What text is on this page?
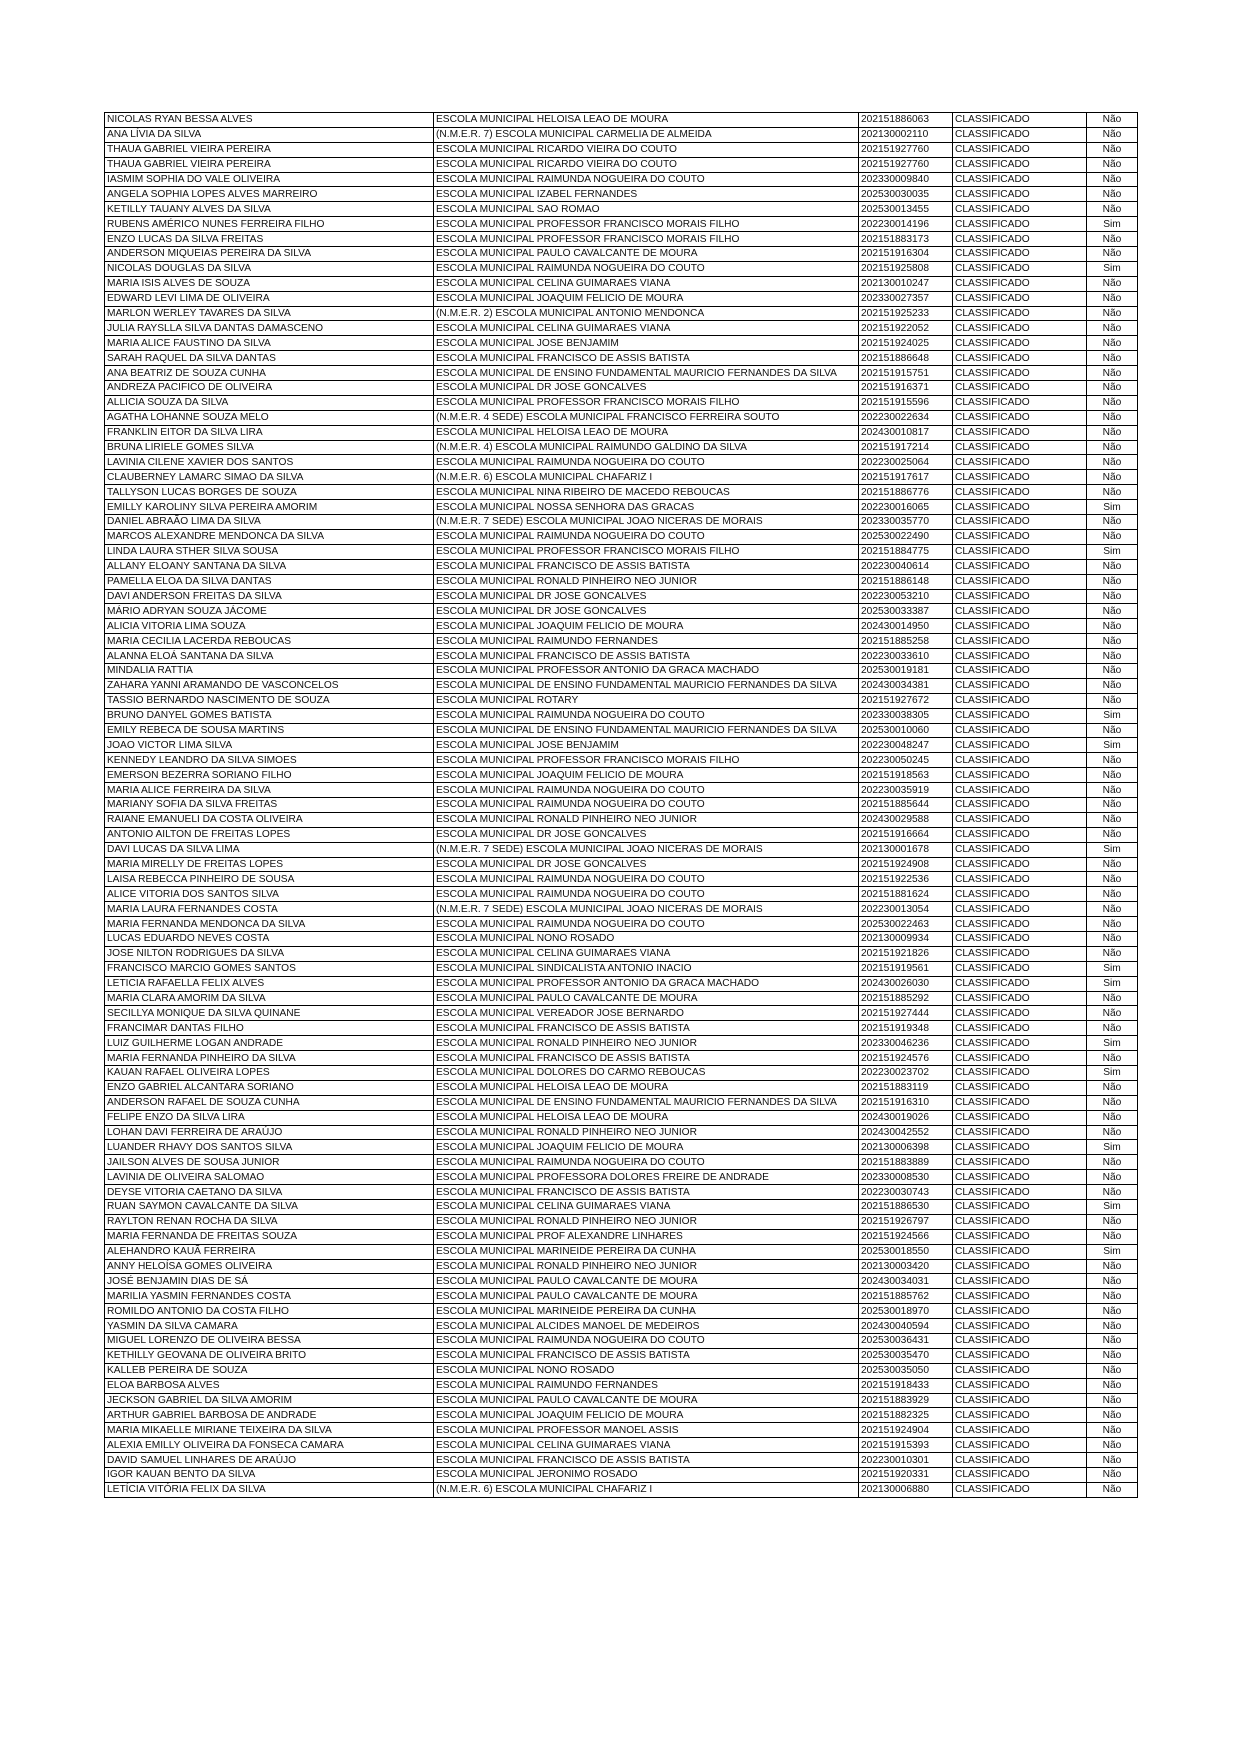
NICOLAS RYAN BESSA ALVES	ESCOLA MUNICIPAL HELOISA LEAO DE MOURA	202151886063	CLASSIFICADO	Não
ANA LÍVIA DA SILVA	(N.M.E.R. 7) ESCOLA MUNICIPAL CARMELIA DE ALMEIDA	202130002110	CLASSIFICADO	Não
THAUA GABRIEL VIEIRA PEREIRA	ESCOLA MUNICIPAL RICARDO VIEIRA DO COUTO	202151927760	CLASSIFICADO	Não
THAUA GABRIEL VIEIRA PEREIRA	ESCOLA MUNICIPAL RICARDO VIEIRA DO COUTO	202151927760	CLASSIFICADO	Não
IASMIM SOPHIA DO VALE OLIVEIRA	ESCOLA MUNICIPAL RAIMUNDA NOGUEIRA DO COUTO	202330009840	CLASSIFICADO	Não
ANGELA SOPHIA LOPES ALVES MARREIRO	ESCOLA MUNICIPAL IZABEL FERNANDES	202530030035	CLASSIFICADO	Não
KETILLY TAUANY ALVES DA SILVA	ESCOLA MUNICIPAL SAO ROMAO	202530013455	CLASSIFICADO	Não
RUBENS AMÉRICO NUNES FERREIRA FILHO	ESCOLA MUNICIPAL PROFESSOR FRANCISCO MORAIS FILHO	202230014196	CLASSIFICADO	Sim
ENZO LUCAS DA SILVA FREITAS	ESCOLA MUNICIPAL PROFESSOR FRANCISCO MORAIS FILHO	202151883173	CLASSIFICADO	Não
ANDERSON MIQUEIAS PEREIRA DA SILVA	ESCOLA MUNICIPAL PAULO CAVALCANTE DE MOURA	202151916304	CLASSIFICADO	Não
NICOLAS DOUGLAS DA SILVA	ESCOLA MUNICIPAL RAIMUNDA NOGUEIRA DO COUTO	202151925808	CLASSIFICADO	Sim
MARIA ISIS ALVES DE SOUZA	ESCOLA MUNICIPAL CELINA GUIMARAES VIANA	202130010247	CLASSIFICADO	Não
EDWARD LEVI LIMA DE OLIVEIRA	ESCOLA MUNICIPAL JOAQUIM FELICIO DE MOURA	202330027357	CLASSIFICADO	Não
MARLON WERLEY TAVARES DA SILVA	(N.M.E.R. 2) ESCOLA MUNICIPAL ANTONIO MENDONCA	202151925233	CLASSIFICADO	Não
JULIA RAYSLLA SILVA DANTAS DAMASCENO	ESCOLA MUNICIPAL CELINA GUIMARAES VIANA	202151922052	CLASSIFICADO	Não
MARIA ALICE FAUSTINO DA SILVA	ESCOLA MUNICIPAL JOSE BENJAMIM	202151924025	CLASSIFICADO	Não
SARAH RAQUEL DA SILVA DANTAS	ESCOLA MUNICIPAL FRANCISCO DE ASSIS BATISTA	202151886648	CLASSIFICADO	Não
ANA BEATRIZ DE SOUZA CUNHA	ESCOLA MUNICIPAL DE ENSINO FUNDAMENTAL MAURICIO FERNANDES DA SILVA	202151915751	CLASSIFICADO	Não
ANDREZA PACIFICO DE OLIVEIRA	ESCOLA MUNICIPAL DR JOSE GONCALVES	202151916371	CLASSIFICADO	Não
ALLICIA SOUZA DA SILVA	ESCOLA MUNICIPAL PROFESSOR FRANCISCO MORAIS FILHO	202151915596	CLASSIFICADO	Não
AGATHA LOHANNE SOUZA MELO	(N.M.E.R. 4 SEDE) ESCOLA MUNICIPAL FRANCISCO FERREIRA SOUTO	202230022634	CLASSIFICADO	Não
FRANKLIN EITOR DA SILVA LIRA	ESCOLA MUNICIPAL HELOISA LEAO DE MOURA	202430010817	CLASSIFICADO	Não
BRUNA LIRIELE GOMES SILVA	(N.M.E.R. 4) ESCOLA MUNICIPAL RAIMUNDO GALDINO DA SILVA	202151917214	CLASSIFICADO	Não
LAVINIA CILENE XAVIER DOS SANTOS	ESCOLA MUNICIPAL RAIMUNDA NOGUEIRA DO COUTO	202230025064	CLASSIFICADO	Não
CLAUBERNEY LAMARC SIMAO DA SILVA	(N.M.E.R. 6) ESCOLA MUNICIPAL CHAFARIZ I	202151917617	CLASSIFICADO	Não
TALLYSON LUCAS BORGES DE SOUZA	ESCOLA MUNICIPAL NINA RIBEIRO DE MACEDO REBOUCAS	202151886776	CLASSIFICADO	Não
EMILLY KAROLINY SILVA PEREIRA AMORIM	ESCOLA MUNICIPAL NOSSA SENHORA DAS GRACAS	202230016065	CLASSIFICADO	Sim
DANIEL ABRAÃO LIMA DA SILVA	(N.M.E.R. 7 SEDE) ESCOLA MUNICIPAL JOAO NICERAS DE MORAIS	202330035770	CLASSIFICADO	Não
MARCOS ALEXANDRE MENDONCA DA SILVA	ESCOLA MUNICIPAL RAIMUNDA NOGUEIRA DO COUTO	202530022490	CLASSIFICADO	Não
LINDA LAURA STHER SILVA SOUSA	ESCOLA MUNICIPAL PROFESSOR FRANCISCO MORAIS FILHO	202151884775	CLASSIFICADO	Sim
ALLANY ELOANY SANTANA DA SILVA	ESCOLA MUNICIPAL FRANCISCO DE ASSIS BATISTA	202230040614	CLASSIFICADO	Não
PAMELLA ELOA DA SILVA DANTAS	ESCOLA MUNICIPAL RONALD PINHEIRO NEO JUNIOR	202151886148	CLASSIFICADO	Não
DAVI ANDERSON FREITAS DA SILVA	ESCOLA MUNICIPAL DR JOSE GONCALVES	202230053210	CLASSIFICADO	Não
MÁRIO ADRYAN SOUZA JÁCOME	ESCOLA MUNICIPAL DR JOSE GONCALVES	202530033387	CLASSIFICADO	Não
ALICIA VITORIA LIMA SOUZA	ESCOLA MUNICIPAL JOAQUIM FELICIO DE MOURA	202430014950	CLASSIFICADO	Não
MARIA CECILIA LACERDA REBOUCAS	ESCOLA MUNICIPAL RAIMUNDO FERNANDES	202151885258	CLASSIFICADO	Não
ALANNA ELOÁ SANTANA DA SILVA	ESCOLA MUNICIPAL FRANCISCO DE ASSIS BATISTA	202230033610	CLASSIFICADO	Não
MINDALIA RATTIA	ESCOLA MUNICIPAL PROFESSOR ANTONIO DA GRACA MACHADO	202530019181	CLASSIFICADO	Não
ZAHARA YANNI ARAMANDO DE VASCONCELOS	ESCOLA MUNICIPAL DE ENSINO FUNDAMENTAL MAURICIO FERNANDES DA SILVA	202430034381	CLASSIFICADO	Não
TASSIO BERNARDO NASCIMENTO DE SOUZA	ESCOLA MUNICIPAL ROTARY	202151927672	CLASSIFICADO	Não
BRUNO DANYEL GOMES BATISTA	ESCOLA MUNICIPAL RAIMUNDA NOGUEIRA DO COUTO	202330038305	CLASSIFICADO	Sim
EMILY REBECA DE SOUSA MARTINS	ESCOLA MUNICIPAL DE ENSINO FUNDAMENTAL MAURICIO FERNANDES DA SILVA	202530010060	CLASSIFICADO	Não
JOAO VICTOR LIMA SILVA	ESCOLA MUNICIPAL JOSE BENJAMIM	202230048247	CLASSIFICADO	Sim
KENNEDY LEANDRO DA SILVA SIMOES	ESCOLA MUNICIPAL PROFESSOR FRANCISCO MORAIS FILHO	202230050245	CLASSIFICADO	Não
EMERSON BEZERRA SORIANO FILHO	ESCOLA MUNICIPAL JOAQUIM FELICIO DE MOURA	202151918563	CLASSIFICADO	Não
MARIA ALICE FERREIRA DA SILVA	ESCOLA MUNICIPAL RAIMUNDA NOGUEIRA DO COUTO	202230035919	CLASSIFICADO	Não
MARIANY SOFIA DA SILVA FREITAS	ESCOLA MUNICIPAL RAIMUNDA NOGUEIRA DO COUTO	202151885644	CLASSIFICADO	Não
RAIANE EMANUELI DA COSTA OLIVEIRA	ESCOLA MUNICIPAL RONALD PINHEIRO NEO JUNIOR	202430029588	CLASSIFICADO	Não
ANTONIO AILTON DE FREITAS LOPES	ESCOLA MUNICIPAL DR JOSE GONCALVES	202151916664	CLASSIFICADO	Não
DAVI LUCAS DA SILVA LIMA	(N.M.E.R. 7 SEDE) ESCOLA MUNICIPAL JOAO NICERAS DE MORAIS	202130001678	CLASSIFICADO	Sim
MARIA MIRELLY DE FREITAS LOPES	ESCOLA MUNICIPAL DR JOSE GONCALVES	202151924908	CLASSIFICADO	Não
LAISA REBECCA PINHEIRO DE SOUSA	ESCOLA MUNICIPAL RAIMUNDA NOGUEIRA DO COUTO	202151922536	CLASSIFICADO	Não
ALICE VITORIA DOS SANTOS SILVA	ESCOLA MUNICIPAL RAIMUNDA NOGUEIRA DO COUTO	202151881624	CLASSIFICADO	Não
MARIA LAURA FERNANDES COSTA	(N.M.E.R. 7 SEDE) ESCOLA MUNICIPAL JOAO NICERAS DE MORAIS	202230013054	CLASSIFICADO	Não
MARIA FERNANDA MENDONCA DA SILVA	ESCOLA MUNICIPAL RAIMUNDA NOGUEIRA DO COUTO	202530022463	CLASSIFICADO	Não
LUCAS EDUARDO NEVES COSTA	ESCOLA MUNICIPAL NONO ROSADO	202130009934	CLASSIFICADO	Não
JOSE NILTON RODRIGUES DA SILVA	ESCOLA MUNICIPAL CELINA GUIMARAES VIANA	202151921826	CLASSIFICADO	Não
FRANCISCO MARCIO GOMES SANTOS	ESCOLA MUNICIPAL SINDICALISTA ANTONIO INACIO	202151919561	CLASSIFICADO	Sim
LETICIA RAFAELLA FELIX ALVES	ESCOLA MUNICIPAL PROFESSOR ANTONIO DA GRACA MACHADO	202430026030	CLASSIFICADO	Sim
MARIA CLARA AMORIM DA SILVA	ESCOLA MUNICIPAL PAULO CAVALCANTE DE MOURA	202151885292	CLASSIFICADO	Não
SECILLYA MONIQUE DA SILVA QUINANE	ESCOLA MUNICIPAL VEREADOR JOSE BERNARDO	202151927444	CLASSIFICADO	Não
FRANCIMAR DANTAS FILHO	ESCOLA MUNICIPAL FRANCISCO DE ASSIS BATISTA	202151919348	CLASSIFICADO	Não
LUIZ GUILHERME LOGAN ANDRADE	ESCOLA MUNICIPAL RONALD PINHEIRO NEO JUNIOR	202330046236	CLASSIFICADO	Sim
MARIA FERNANDA PINHEIRO DA SILVA	ESCOLA MUNICIPAL FRANCISCO DE ASSIS BATISTA	202151924576	CLASSIFICADO	Não
KAUAN RAFAEL OLIVEIRA LOPES	ESCOLA MUNICIPAL DOLORES DO CARMO REBOUCAS	202230023702	CLASSIFICADO	Sim
ENZO GABRIEL ALCANTARA SORIANO	ESCOLA MUNICIPAL HELOISA LEAO DE MOURA	202151883119	CLASSIFICADO	Não
ANDERSON RAFAEL DE SOUZA CUNHA	ESCOLA MUNICIPAL DE ENSINO FUNDAMENTAL MAURICIO FERNANDES DA SILVA	202151916310	CLASSIFICADO	Não
FELIPE ENZO DA SILVA LIRA	ESCOLA MUNICIPAL HELOISA LEAO DE MOURA	202430019026	CLASSIFICADO	Não
LOHAN DAVI FERREIRA DE ARAÚJO	ESCOLA MUNICIPAL RONALD PINHEIRO NEO JUNIOR	202430042552	CLASSIFICADO	Não
LUANDER RHAVY DOS SANTOS SILVA	ESCOLA MUNICIPAL JOAQUIM FELICIO DE MOURA	202130006398	CLASSIFICADO	Sim
JAILSON ALVES DE SOUSA JUNIOR	ESCOLA MUNICIPAL RAIMUNDA NOGUEIRA DO COUTO	202151883889	CLASSIFICADO	Não
LAVINIA DE OLIVEIRA SALOMAO	ESCOLA MUNICIPAL PROFESSORA DOLORES FREIRE DE ANDRADE	202330008530	CLASSIFICADO	Não
DEYSE VITORIA CAETANO DA SILVA	ESCOLA MUNICIPAL FRANCISCO DE ASSIS BATISTA	202230030743	CLASSIFICADO	Não
RUAN SAYMON CAVALCANTE DA SILVA	ESCOLA MUNICIPAL CELINA GUIMARAES VIANA	202151886530	CLASSIFICADO	Sim
RAYLTON RENAN ROCHA DA SILVA	ESCOLA MUNICIPAL RONALD PINHEIRO NEO JUNIOR	202151926797	CLASSIFICADO	Não
MARIA FERNANDA DE FREITAS SOUZA	ESCOLA MUNICIPAL PROF ALEXANDRE LINHARES	202151924566	CLASSIFICADO	Não
ALEHANDRO KAUÃ FERREIRA	ESCOLA MUNICIPAL MARINEIDE PEREIRA DA CUNHA	202530018550	CLASSIFICADO	Sim
ANNY HELOÍSA GOMES OLIVEIRA	ESCOLA MUNICIPAL RONALD PINHEIRO NEO JUNIOR	202130003420	CLASSIFICADO	Não
JOSÉ BENJAMIN DIAS DE SÁ	ESCOLA MUNICIPAL PAULO CAVALCANTE DE MOURA	202430034031	CLASSIFICADO	Não
MARILIA YASMIN FERNANDES COSTA	ESCOLA MUNICIPAL PAULO CAVALCANTE DE MOURA	202151885762	CLASSIFICADO	Não
ROMILDO ANTONIO DA COSTA FILHO	ESCOLA MUNICIPAL MARINEIDE PEREIRA DA CUNHA	202530018970	CLASSIFICADO	Não
YASMIN DA SILVA CAMARA	ESCOLA MUNICIPAL ALCIDES MANOEL DE MEDEIROS	202430040594	CLASSIFICADO	Não
MIGUEL LORENZO DE OLIVEIRA BESSA	ESCOLA MUNICIPAL RAIMUNDA NOGUEIRA DO COUTO	202530036431	CLASSIFICADO	Não
KETHILLY GEOVANA DE OLIVEIRA BRITO	ESCOLA MUNICIPAL FRANCISCO DE ASSIS BATISTA	202530035470	CLASSIFICADO	Não
KALLEB PEREIRA DE SOUZA	ESCOLA MUNICIPAL NONO ROSADO	202530035050	CLASSIFICADO	Não
ELOA BARBOSA ALVES	ESCOLA MUNICIPAL RAIMUNDO FERNANDES	202151918433	CLASSIFICADO	Não
JECKSON GABRIEL DA SILVA AMORIM	ESCOLA MUNICIPAL PAULO CAVALCANTE DE MOURA	202151883929	CLASSIFICADO	Não
ARTHUR GABRIEL BARBOSA DE ANDRADE	ESCOLA MUNICIPAL JOAQUIM FELICIO DE MOURA	202151882325	CLASSIFICADO	Não
MARIA MIKAELLE MIRIANE TEIXEIRA DA SILVA	ESCOLA MUNICIPAL PROFESSOR MANOEL ASSIS	202151924904	CLASSIFICADO	Não
ALEXIA EMILLY OLIVEIRA DA FONSECA CAMARA	ESCOLA MUNICIPAL CELINA GUIMARAES VIANA	202151915393	CLASSIFICADO	Não
DAVID SAMUEL LINHARES DE ARAÚJO	ESCOLA MUNICIPAL FRANCISCO DE ASSIS BATISTA	202230010301	CLASSIFICADO	Não
IGOR KAUAN BENTO DA SILVA	ESCOLA MUNICIPAL JERONIMO ROSADO	202151920331	CLASSIFICADO	Não
LETÍCIA VITÓRIA FELIX DA SILVA	(N.M.E.R. 6) ESCOLA MUNICIPAL CHAFARIZ I	202130006880	CLASSIFICADO	Não
